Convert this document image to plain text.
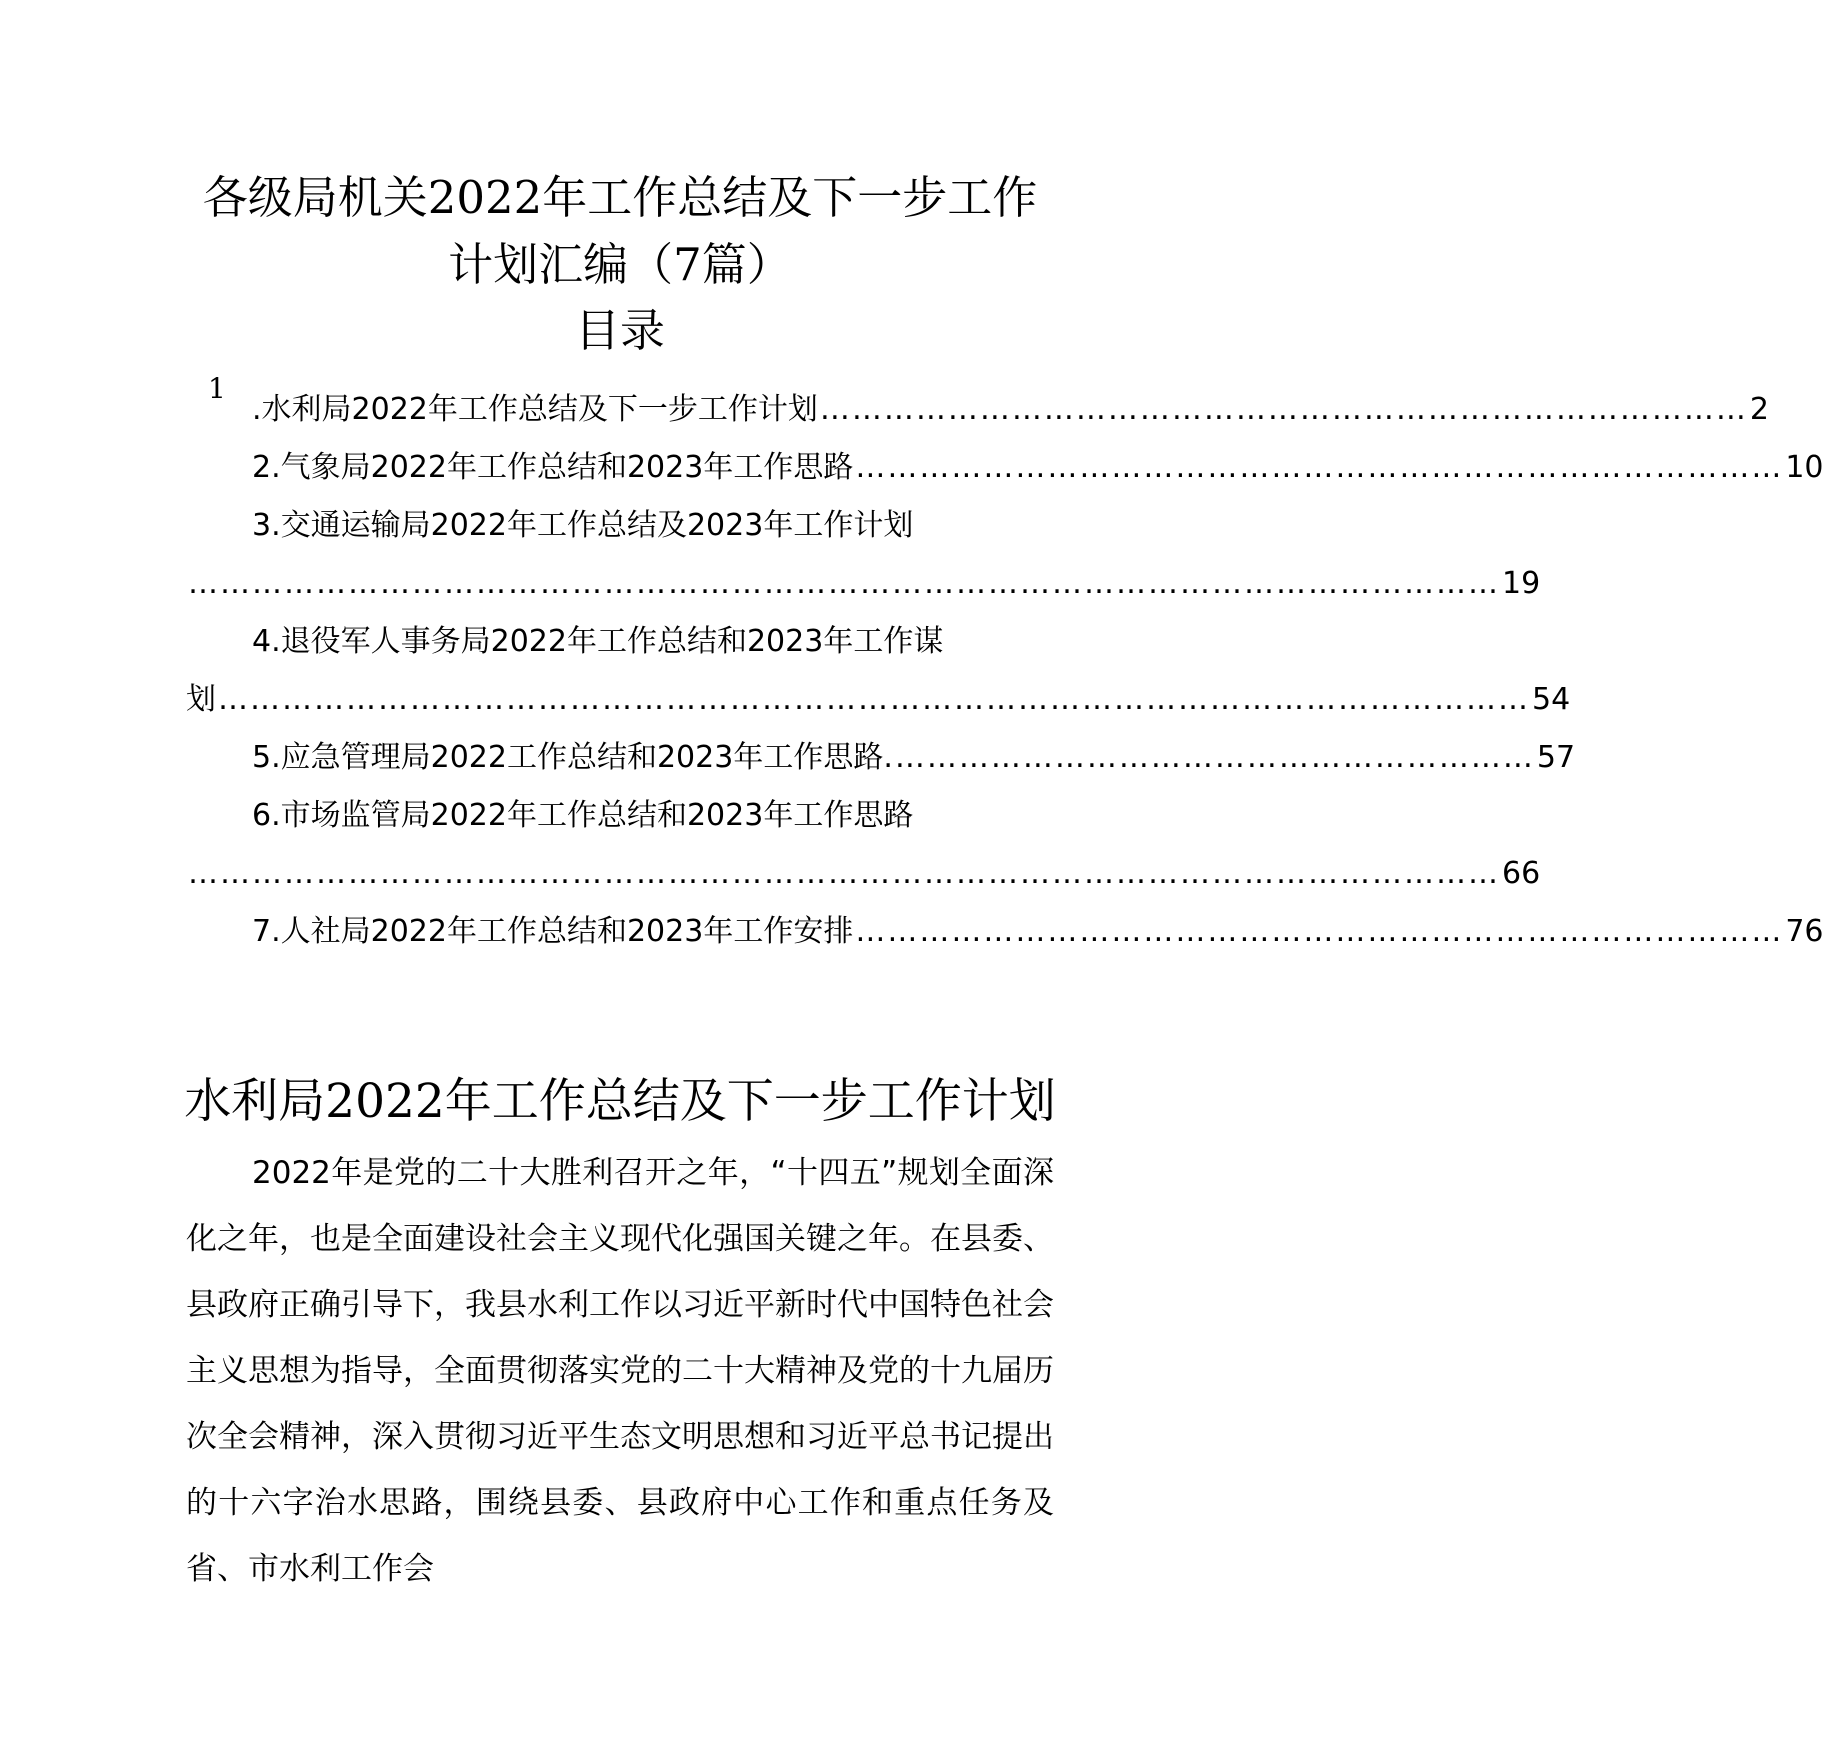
各级局机关2022年工作总结及下一步工作
计划汇编（7篇）
目录
1
.水利局2022年工作总结及下一步工作计划 …………………………………………………………………………… 2
2.气象局2022年工作总结和2023年工作思路 …………………………………………………………………………… 10
3.交通运输局2022年工作总结及2023年工作计划
…………………………………………………………………………………………………………… 19
4.退役军人事务局2022年工作总结和2023年工作谋
划 …………………………………………………………………………………………………………… 54
5.应急管理局2022工作总结和2023年工作思路. …………………………………………………… 57
6.市场监管局2022年工作总结和2023年工作思路
…………………………………………………………………………………………………………… 66
7.人社局2022年工作总结和2023年工作安排 …………………………………………………………………………… 76
水利局2022年工作总结及下一步工作计划
2022年是党的二十大胜利召开之年，“十四五”规划全面深化之年，也是全面建设社会主义现代化强国关键之年。在县委、县政府正确引导下，我县水利工作以习近平新时代中国特色社会主义思想为指导，全面贯彻落实党的二十大精神及党的十九届历次全会精神，深入贯彻习近平生态文明思想和习近平总书记提出的十六字治水思路，围绕县委、县政府中心工作和重点任务及省、市水利工作会
